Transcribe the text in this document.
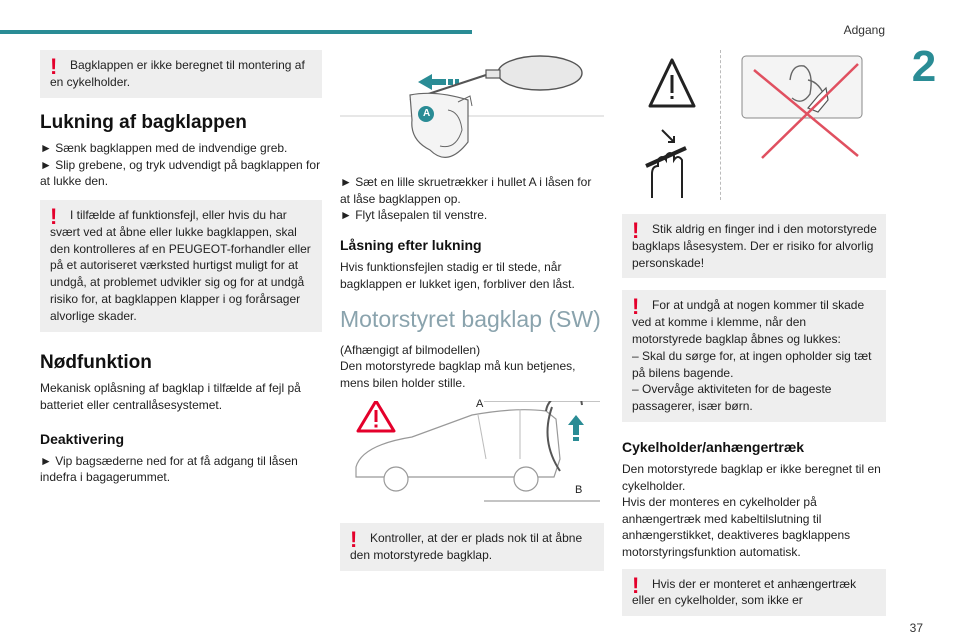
Adgang
2
!	Bagklappen er ikke beregnet til montering af en cykelholder.
Lukning af bagklappen

► Sænk bagklappen med de indvendige greb.

► Slip grebene, og tryk udvendigt på bagklappen for at lukke den.

!	I tilfælde af funktionsfejl, eller hvis du har svært ved at åbne eller lukke bagklappen, skal den kontrolleres af en PEUGEOT-forhandler eller på et autoriseret værksted hurtigst muligt for at undgå, at problemet udvikler sig og for at undgå risiko for, at bagklappen klapper i og forårsager alvorlige skader.
Nødfunktion

Mekanisk oplåsning af bagklap i tilfælde af fejl på batteriet eller centrallåsesystemet.

Deaktivering

► Vip bagsæderne ned for at få adgang til låsen indefra i bagagerummet.

A

► Sæt en lille skruetrækker i hullet A i låsen for at låse bagklappen op.

► Flyt låsepalen til venstre.

Låsning efter lukning

Hvis funktionsfejlen stadig er til stede, når bagklappen er lukket igen, forbliver den låst.

Motorstyret bagklap (SW)

(Afhængigt af bilmodellen)

Den motorstyrede bagklap må kun betjenes, mens bilen holder stille.

A
B
!	Kontroller, at der er plads nok til at åbne den motorstyrede bagklap.
!	Stik aldrig en finger ind i den motorstyrede bagklaps låsesystem. Der er risiko for alvorlig personskade!
!	For at undgå at nogen kommer til skade ved at komme i klemme, når den motorstyrede bagklap åbnes og lukkes:
– Skal du sørge for, at ingen opholder sig tæt på bilens bagende.
– Overvåge aktiviteten for de bageste passagerer, især børn.
Cykelholder/anhængertræk

Den motorstyrede bagklap er ikke beregnet til en cykelholder.

Hvis der monteres en cykelholder på anhængertræk med kabeltilslutning til anhængerstikket, deaktiveres bagklappens motorstyringsfunktion automatisk.

!	Hvis der er monteret et anhængertræk eller en cykelholder, som ikke er
37
